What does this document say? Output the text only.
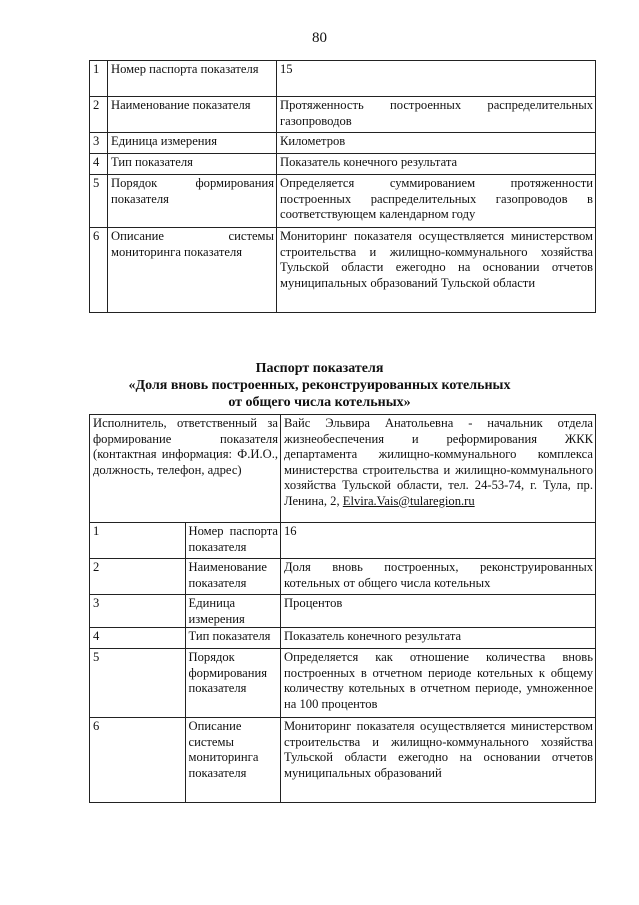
80
1	Номер паспорта показателя	15
2	Наименование показателя	Протяженность построенных распределительных газопроводов
3	Единица измерения	Километров
4	Тип показателя	Показатель конечного результата
5	Порядок формирования показателя	Определяется суммированием протяженности построенных распределительных газопроводов в соответствующем календарном году
6	Описание системы мониторинга показателя	Мониторинг показателя осуществляется министерством строительства и жилищно-коммунального хозяйства Тульской области ежегодно на основании отчетов муниципальных образований Тульской области
Паспорт показателя
«Доля вновь построенных, реконструированных котельных
от общего числа котельных»
Исполнитель, ответственный за формирование показателя (контактная информация: Ф.И.О., должность, телефон, адрес)		Вайс Эльвира Анатольевна - начальник отдела жизнеобеспечения и реформирования ЖКК департамента жилищно-коммунального комплекса министерства строительства и жилищно-коммунального хозяйства Тульской области, тел. 24-53-74, г. Тула, пр. Ленина, 2, Elvira.Vais@tularegion.ru
1	Номер паспорта показателя	16
2	Наименование показателя	Доля вновь построенных, реконструированных котельных от общего числа котельных
3	Единица измерения	Процентов
4	Тип показателя	Показатель конечного результата
5	Порядок формирования показателя	Определяется как отношение количества вновь построенных в отчетном периоде котельных к общему количеству котельных в отчетном периоде, умноженное на 100 процентов
6	Описание системы мониторинга показателя	Мониторинг показателя осуществляется министерством строительства и жилищно-коммунального хозяйства Тульской области ежегодно на основании отчетов муниципальных образований
